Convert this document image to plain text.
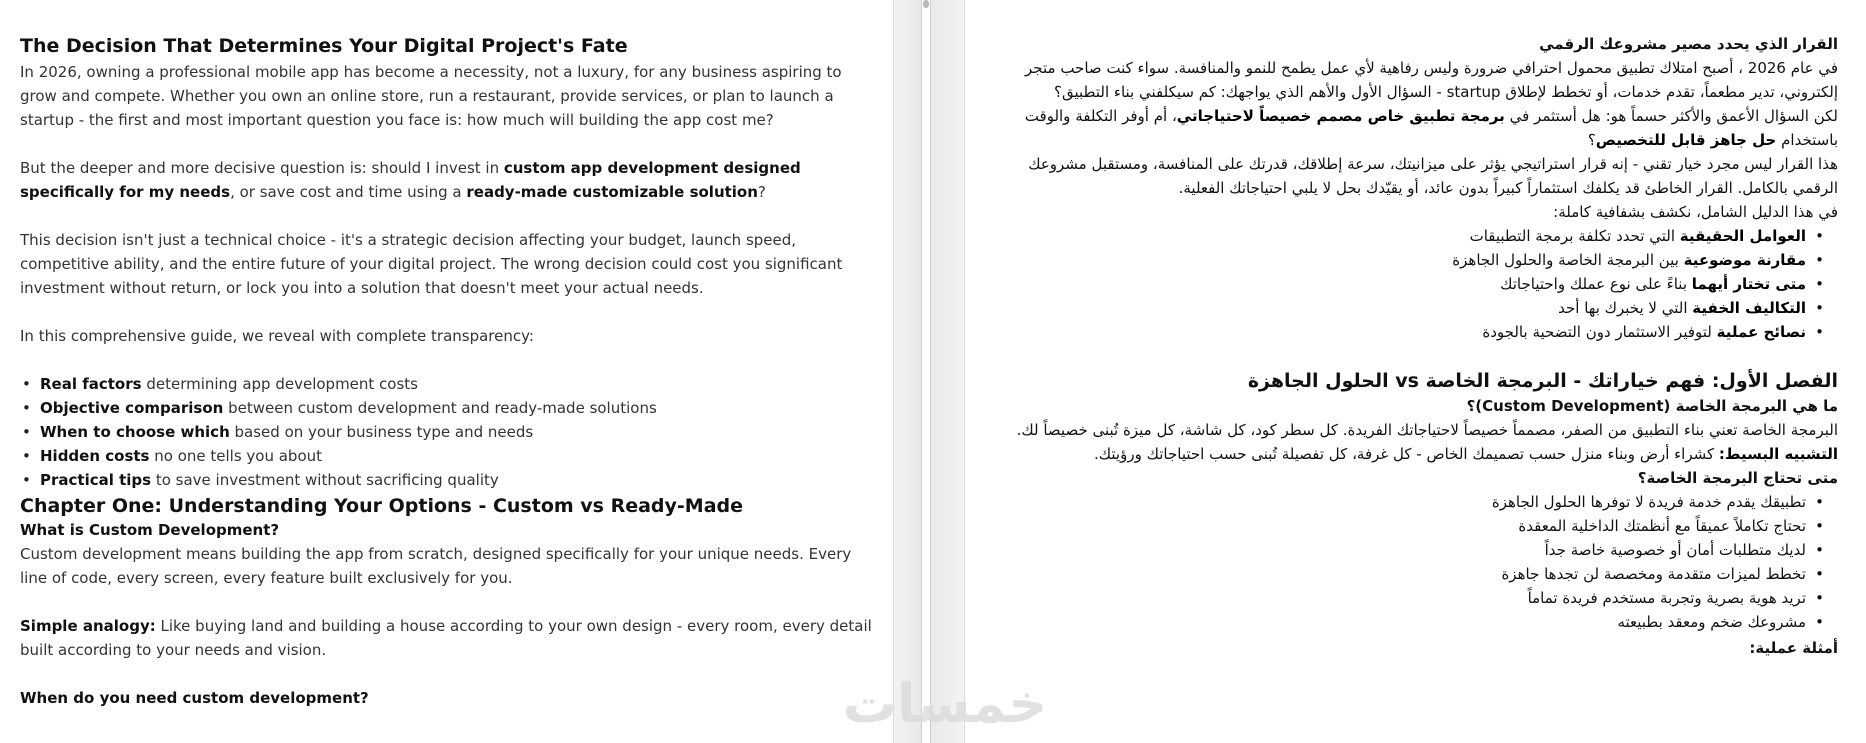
The Decision That Determines Your Digital Project's Fate

In 2026, owning a professional mobile app has become a necessity, not a luxury, for any business aspiring to grow and compete. Whether you own an online store, run a restaurant, provide services, or plan to launch a startup - the first and most important question you face is: how much will building the app cost me?

But the deeper and more decisive question is: should I invest in custom app development designed specifically for my needs, or save cost and time using a ready-made customizable solution?

This decision isn't just a technical choice - it's a strategic decision affecting your budget, launch speed, competitive ability, and the entire future of your digital project. The wrong decision could cost you significant investment without return, or lock you into a solution that doesn't meet your actual needs.

In this comprehensive guide, we reveal with complete transparency:

• Real factors determining app development costs
• Objective comparison between custom development and ready-made solutions
• When to choose which based on your business type and needs
• Hidden costs no one tells you about
• Practical tips to save investment without sacrificing quality
Chapter One: Understanding Your Options - Custom vs Ready-Made
What is Custom Development?

Custom development means building the app from scratch, designed specifically for your unique needs. Every line of code, every screen, every feature built exclusively for you.

Simple analogy: Like buying land and building a house according to your own design - every room, every detail built according to your needs and vision.

When do you need custom development?
القرار الذي يحدد مصير مشروعك الرقمي

في عام 2026 ، أصبح امتلاك تطبيق محمول احترافي ضرورة وليس رفاهية لأي عمل يطمح للنمو والمنافسة. سواء كنت صاحب متجر إلكتروني، تدير مطعماً، تقدم خدمات، أو تخطط لإطلاق startup - السؤال الأول والأهم الذي يواجهك: كم سيكلفني بناء التطبيق؟

لكن السؤال الأعمق والأكثر حسماً هو: هل أستثمر في برمجة تطبيق خاص مصمم خصيصاً لاحتياجاتي، أم أوفر التكلفة والوقت باستخدام حل جاهز قابل للتخصيص؟

هذا القرار ليس مجرد خيار تقني - إنه قرار استراتيجي يؤثر على ميزانيتك، سرعة إطلاقك، قدرتك على المنافسة، ومستقبل مشروعك الرقمي بالكامل. القرار الخاطئ قد يكلفك استثماراً كبيراً بدون عائد، أو يقيّدك بحل لا يلبي احتياجاتك الفعلية.

في هذا الدليل الشامل، نكشف بشفافية كاملة:

• العوامل الحقيقية التي تحدد تكلفة برمجة التطبيقات
• مقارنة موضوعية بين البرمجة الخاصة والحلول الجاهزة
• متى تختار أيهما بناءً على نوع عملك واحتياجاتك
• التكاليف الخفية التي لا يخبرك بها أحد
• نصائح عملية لتوفير الاستثمار دون التضحية بالجودة
الفصل الأول: فهم خياراتك - البرمجة الخاصة vs الحلول الجاهزة
ما هي البرمجة الخاصة (Custom Development)؟

البرمجة الخاصة تعني بناء التطبيق من الصفر، مصمماً خصيصاً لاحتياجاتك الفريدة. كل سطر كود، كل شاشة، كل ميزة تُبنى خصيصاً لك.

التشبيه البسيط: كشراء أرض وبناء منزل حسب تصميمك الخاص - كل غرفة، كل تفصيلة تُبنى حسب احتياجاتك ورؤيتك.

متى تحتاج البرمجة الخاصة؟
• تطبيقك يقدم خدمة فريدة لا توفرها الحلول الجاهزة
• تحتاج تكاملاً عميقاً مع أنظمتك الداخلية المعقدة
• لديك متطلبات أمان أو خصوصية خاصة جداً
• تخطط لميزات متقدمة ومخصصة لن تجدها جاهزة
• تريد هوية بصرية وتجربة مستخدم فريدة تماماً
• مشروعك ضخم ومعقد بطبيعته
أمثلة عملية:
خمسات
